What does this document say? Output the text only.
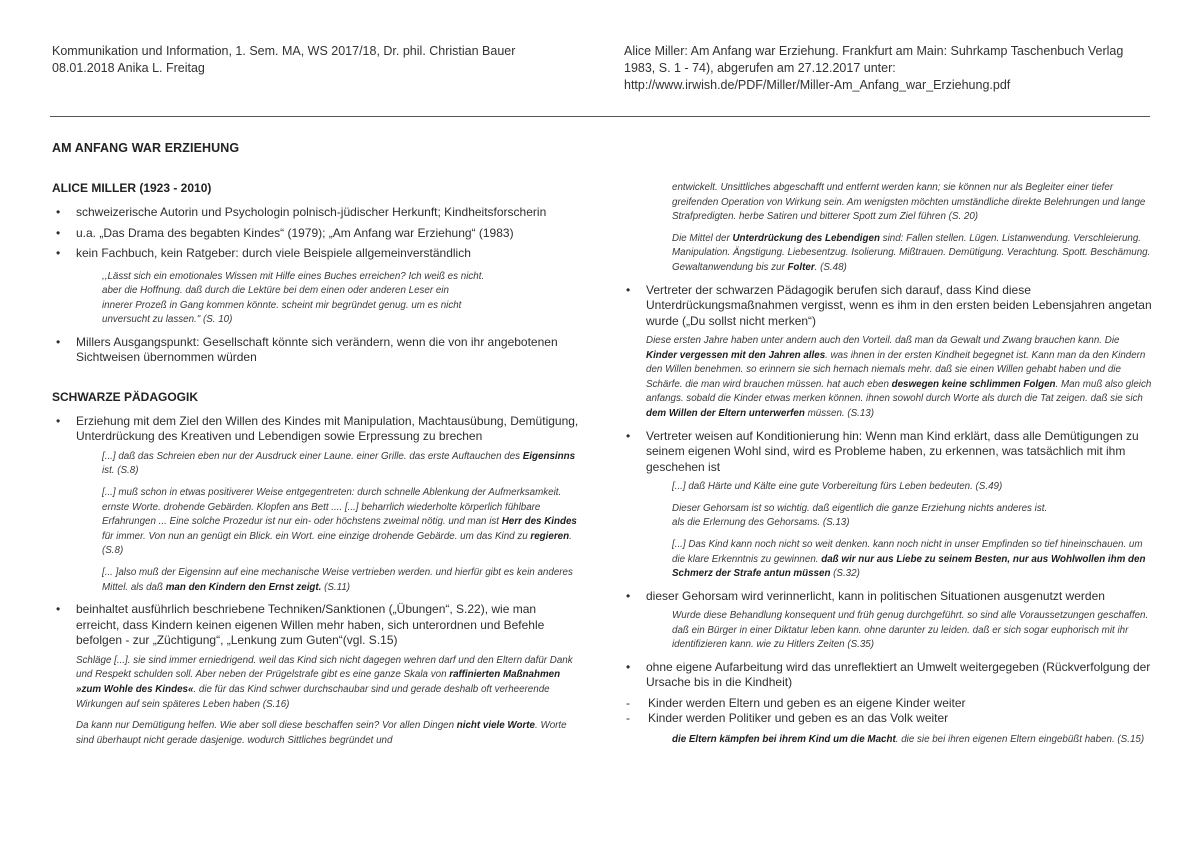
Kommunikation und Information, 1. Sem. MA, WS 2017/18, Dr. phil. Christian Bauer
08.01.2018 Anika L. Freitag
Alice Miller: Am Anfang war Erziehung. Frankfurt am Main: Suhrkamp Taschenbuch Verlag
1983, S. 1 - 74), abgerufen am 27.12.2017 unter:
http://www.irwish.de/PDF/Miller/Miller-Am_Anfang_war_Erziehung.pdf
AM ANFANG WAR ERZIEHUNG
ALICE MILLER (1923 - 2010)
• schweizerische Autorin und Psychologin polnisch-jüdischer Herkunft; Kindheitsforscherin
• u.a. „Das Drama des begabten Kindes“ (1979); „Am Anfang war Erziehung“ (1983)
• kein Fachbuch, kein Ratgeber: durch viele Beispiele allgemeinverständlich
,,Lässt sich ein emotionales Wissen mit Hilfe eines Buches erreichen? Ich weiß es nicht.
aber die Hoffnung. daß durch die Lektüre bei dem einen oder anderen Leser ein
innerer Prozeß in Gang kommen könnte. scheint mir begründet genug. um es nicht
unversucht zu lassen." (S. 10)
• Millers Ausgangspunkt: Gesellschaft könnte sich verändern, wenn die von ihr angebotenen Sichtweisen übernommen würden
SCHWARZE PÄDAGOGIK
• Erziehung mit dem Ziel den Willen des Kindes mit Manipulation, Machtausübung, Demütigung, Unterdrückung des Kreativen und Lebendigen sowie Erpressung zu brechen
[...] daß das Schreien eben nur der Ausdruck einer Laune. einer Grille. das erste Auftauchen des Eigensinns ist. (S.8)
[...] muß schon in etwas positiverer Weise entgegentreten: durch schnelle Ablenkung der Aufmerksamkeit. ernste Worte. drohende Gebärden. Klopfen ans Bett .... [...] beharrlich wiederholte körperlich fühlbare Erfahrungen ... Eine solche Prozedur ist nur ein- oder höchstens zweimal nötig. und man ist Herr des Kindes für immer. Von nun an genügt ein Blick. ein Wort. eine einzige drohende Gebärde. um das Kind zu regieren. (S.8)
[... ]also muß der Eigensinn auf eine mechanische Weise vertrieben werden. und hierfür gibt es kein anderes Mittel. als daß man den Kindern den Ernst zeigt. (S.11)
• beinhaltet ausführlich beschriebene Techniken/Sanktionen („Übungen“, S.22), wie man erreicht, dass Kindern keinen eigenen Willen mehr haben, sich unterordnen und Befehle befolgen - zur „Züchtigung“, „Lenkung zum Guten“(vgl. S.15)
Schläge [...]. sie sind immer erniedrigend. weil das Kind sich nicht dagegen wehren darf und den Eltern dafür Dank und Respekt schulden soll. Aber neben der Prügelstrafe gibt es eine ganze Skala von raffinierten Maßnahmen »zum Wohle des Kindes«. die für das Kind schwer durchschaubar sind und gerade deshalb oft verheerende Wirkungen auf sein späteres Leben haben (S.16)
Da kann nur Demütigung helfen. Wie aber soll diese beschaffen sein? Vor allen Dingen nicht viele Worte. Worte sind überhaupt nicht gerade dasjenige. wodurch Sittliches begründet und
entwickelt. Unsittliches abgeschafft und entfernt werden kann; sie können nur als Begleiter einer tiefer greifenden Operation von Wirkung sein. Am wenigsten möchten umständliche direkte Belehrungen und lange Strafpredigten. herbe Satiren und bitterer Spott zum Ziel führen (S. 20)
Die Mittel der Unterdrückung des Lebendigen sind: Fallen stellen. Lügen. Listanwendung. Verschleierung. Manipulation. Ängstigung. Liebesentzug. Isolierung. Mißtrauen. Demütigung. Verachtung. Spott. Beschämung. Gewaltanwendung bis zur Folter. (S.48)
• Vertreter der schwarzen Pädagogik berufen sich darauf, dass Kind diese Unterdrückungsmaßnahmen vergisst, wenn es ihm in den ersten beiden Lebensjahren angetan wurde („Du sollst nicht merken“)
Diese ersten Jahre haben unter andern auch den Vorteil. daß man da Gewalt und Zwang brauchen kann. Die Kinder vergessen mit den Jahren alles. was ihnen in der ersten Kindheit begegnet ist. Kann man da den Kindern den Willen benehmen. so erinnern sie sich hernach niemals mehr. daß sie einen Willen gehabt haben und die Schärfe. die man wird brauchen müssen. hat auch eben deswegen keine schlimmen Folgen. Man muß also gleich anfangs. sobald die Kinder etwas merken können. ihnen sowohl durch Worte als durch die Tat zeigen. daß sie sich dem Willen der Eltern unterwerfen müssen. (S.13)
• Vertreter weisen auf Konditionierung hin: Wenn man Kind erklärt, dass alle Demütigungen zu seinem eigenen Wohl sind, wird es Probleme haben, zu erkennen, was tatsächlich mit ihm geschehen ist
[...] daß Härte und Kälte eine gute Vorbereitung fürs Leben bedeuten. (S.49)
Dieser Gehorsam ist so wichtig. daß eigentlich die ganze Erziehung nichts anderes ist.
als die Erlernung des Gehorsams. (S.13)
[...] Das Kind kann noch nicht so weit denken. kann noch nicht in unser Empfinden so tief hineinschauen. um die klare Erkenntnis zu gewinnen. daß wir nur aus Liebe zu seinem Besten, nur aus Wohlwollen ihm den Schmerz der Strafe antun müssen (S.32)
• dieser Gehorsam wird verinnerlicht, kann in politischen Situationen ausgenutzt werden
Wurde diese Behandlung konsequent und früh genug durchgeführt. so sind alle Voraussetzungen geschaffen. daß ein Bürger in einer Diktatur leben kann. ohne darunter zu leiden. daß er sich sogar euphorisch mit ihr identifizieren kann. wie zu Hitlers Zeiten (S.35)
• ohne eigene Aufarbeitung wird das unreflektiert an Umwelt weitergegeben (Rückverfolgung der Ursache bis in die Kindheit)
- Kinder werden Eltern und geben es an eigene Kinder weiter
- Kinder werden Politiker und geben es an das Volk weiter
die Eltern kämpfen bei ihrem Kind um die Macht. die sie bei ihren eigenen Eltern eingebüßt haben. (S.15)
